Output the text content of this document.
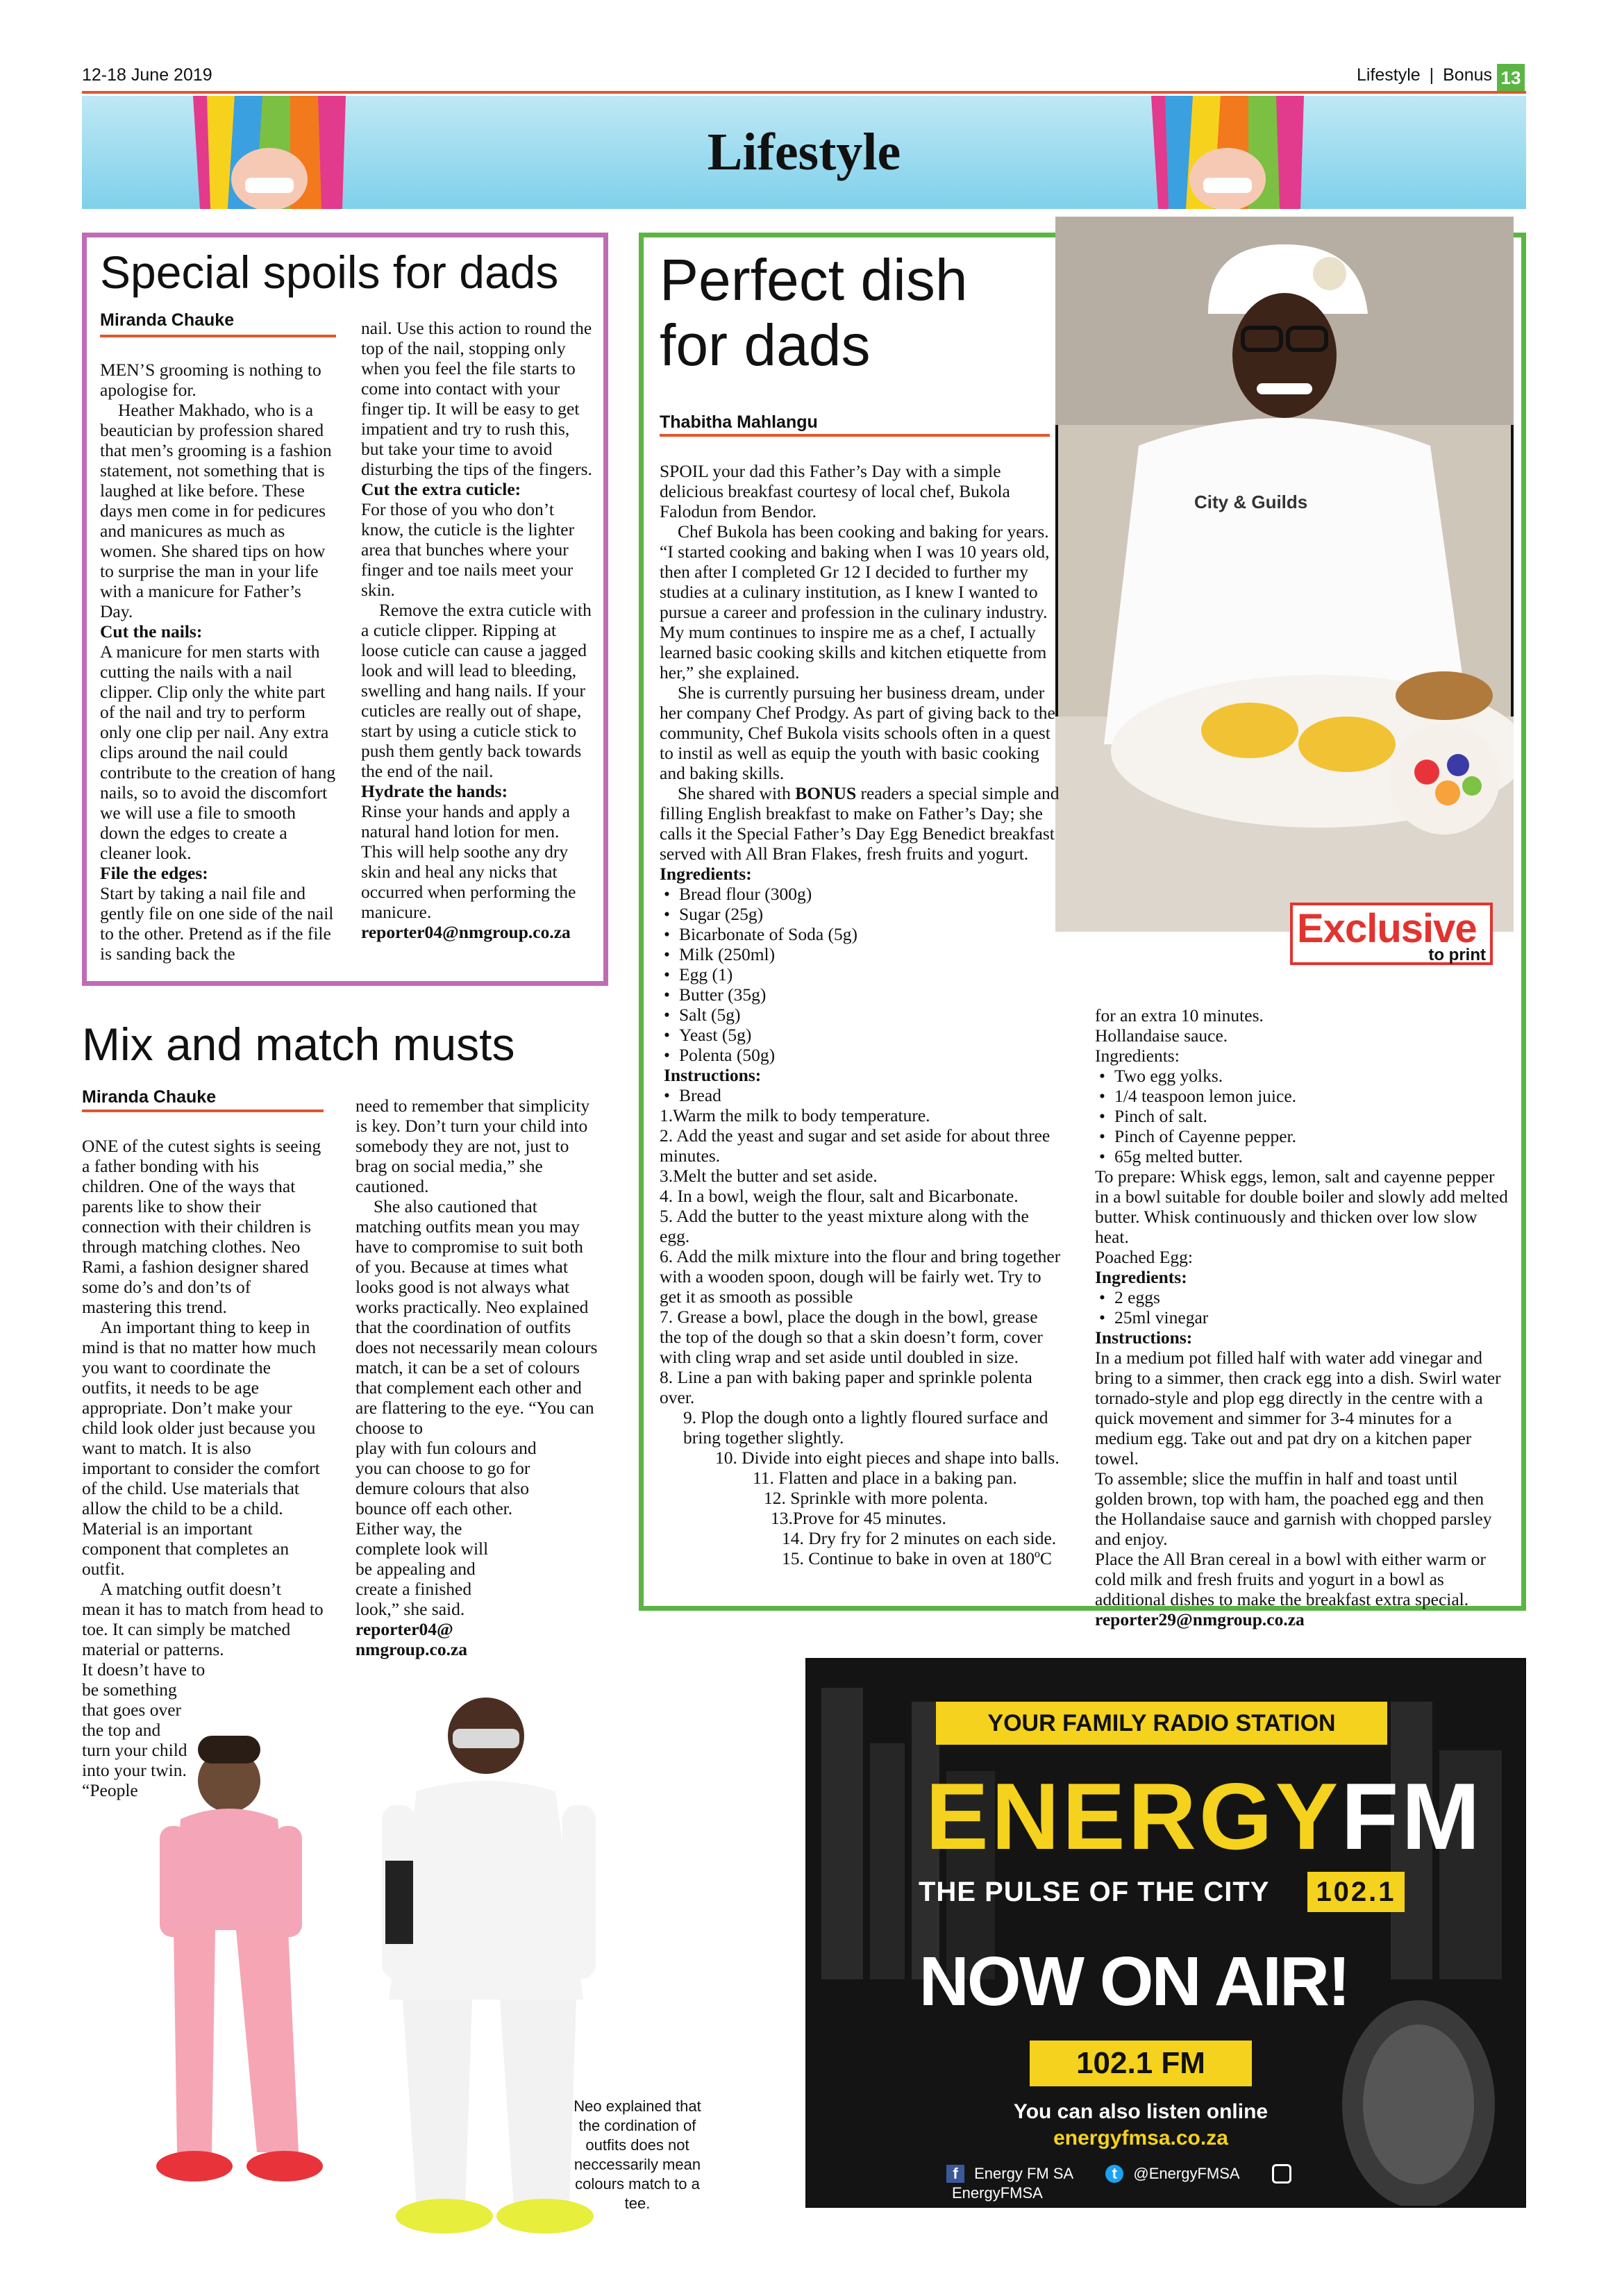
12-18 June 2019	Lifestyle | Bonus 13
Lifestyle
Special spoils for dads
Miranda Chauke

MEN’S grooming is nothing to apologise for.

Heather Makhado, who is a beautician by profession shared that men’s grooming is a fashion statement, not something that is laughed at like before. These days men come in for pedicures and manicures as much as women. She shared tips on how to surprise the man in your life with a manicure for Father’s Day.

Cut the nails:

A manicure for men starts with cutting the nails with a nail clipper. Clip only the white part of the nail and try to perform only one clip per nail. Any extra clips around the nail could contribute to the creation of hang nails, so to avoid the discomfort we will use a file to smooth down the edges to create a cleaner look.

File the edges:

Start by taking a nail file and gently file on one side of the nail to the other. Pretend as if the file is sanding back the

nail. Use this action to round the top of the nail, stopping only when you feel the file starts to come into contact with your finger tip. It will be easy to get impatient and try to rush this, but take your time to avoid disturbing the tips of the fingers.

Cut the extra cuticle:

For those of you who don’t know, the cuticle is the lighter area that bunches where your finger and toe nails meet your skin.

Remove the extra cuticle with a cuticle clipper. Ripping at loose cuticle can cause a jagged look and will lead to bleeding, swelling and hang nails. If your cuticles are really out of shape, start by using a cuticle stick to push them gently back towards the end of the nail.

Hydrate the hands:

Rinse your hands and apply a natural hand lotion for men. This will help soothe any dry skin and heal any nicks that occurred when performing the manicure.

reporter04@nmgroup.co.za

Mix and match musts
Miranda Chauke

ONE of the cutest sights is seeing a father bonding with his children. One of the ways that parents like to show their connection with their children is through matching clothes. Neo Rami, a fashion designer shared some do’s and don’ts of mastering this trend.

An important thing to keep in mind is that no matter how much you want to coordinate the outfits, it needs to be age appropriate. Don’t make your child look older just because you want to match. It is also important to consider the comfort of the child. Use materials that allow the child to be a child. Material is an important component that completes an outfit.

A matching outfit doesn’t mean it has to match from head to toe. It can simply be matched material or patterns.

It doesn’t have to
be something
that goes over
the top and
turn your child
into your twin.
“People

need to remember that simplicity is key. Don’t turn your child into somebody they are not, just to brag on social media,” she cautioned.

She also cautioned that matching outfits mean you may have to compromise to suit both of you. Because at times what looks good is not always what works practically. Neo explained that the coordination of outfits does not necessarily mean colours match, it can be a set of colours that complement each other and are flattering to the eye. “You can choose to

play with fun colours and
you can choose to go for
demure colours that also
bounce off each other.
Either way, the
complete look will
be appealing and
create a finished
look,” she said.
reporter04@
nmgroup.co.za
Neo explained that the cordination of outfits does not neccessarily mean colours match to a tee.
Perfect dish
for dads
Thabitha Mahlangu
City & Guilds

SPOIL your dad this Father’s Day with a simple delicious breakfast courtesy of local chef, Bukola Falodun from Bendor.

Chef Bukola has been cooking and baking for years. “I started cooking and baking when I was 10 years old, then after I completed Gr 12 I decided to further my studies at a culinary institution, as I knew I wanted to pursue a career and profession in the culinary industry. My mum continues to inspire me as a chef, I actually learned basic cooking skills and kitchen etiquette from her,” she explained.

She is currently pursuing her business dream, under her company Chef Prodgy. As part of giving back to the community, Chef Bukola visits schools often in a quest to instil as well as equip the youth with basic cooking and baking skills.

She shared with BONUS readers a special simple and filling English breakfast to make on Father’s Day; she calls it the Special Father’s Day Egg Benedict breakfast served with All Bran Flakes, fresh fruits and yogurt.

Ingredients:

• Bread flour (300g)
• Sugar (25g)
• Bicarbonate of Soda (5g)
• Milk (250ml)
• Egg (1)
• Butter (35g)
• Salt (5g)
• Yeast (5g)
• Polenta (50g)

Instructions:

• Bread
1.Warm the milk to body temperature.
2. Add the yeast and sugar and set aside for about three minutes.
3.Melt the butter and set aside.
4. In a bowl, weigh the flour, salt and Bicarbonate.
5. Add the butter to the yeast mixture along with the egg.
6. Add the milk mixture into the flour and bring together with a wooden spoon, dough will be fairly wet. Try to get it as smooth as possible
7. Grease a bowl, place the dough in the bowl, grease the top of the dough so that a skin doesn’t form, cover with cling wrap and set aside until doubled in size.
8. Line a pan with baking paper and sprinkle polenta over.
9. Plop the dough onto a lightly floured surface and bring together slightly.
10. Divide into eight pieces and shape into balls.
11. Flatten and place in a baking pan.
12. Sprinkle with more polenta.
13.Prove for 45 minutes.
14. Dry fry for 2 minutes on each side.
15. Continue to bake in oven at 180ºC
Exclusive
to print
for an extra 10 minutes.
Hollandaise sauce.
Ingredients:
• Two egg yolks.
• 1/4 teaspoon lemon juice.
• Pinch of salt.
• Pinch of Cayenne pepper.
• 65g melted butter.

To prepare: Whisk eggs, lemon, salt and cayenne pepper in a bowl suitable for double boiler and slowly add melted butter. Whisk continuously and thicken over low slow heat.

Poached Egg:

Ingredients:

• 2 eggs
• 25ml vinegar

Instructions:

In a medium pot filled half with water add vinegar and bring to a simmer, then crack egg into a dish. Swirl water tornado-style and plop egg directly in the centre with a quick movement and simmer for 3-4 minutes for a medium egg. Take out and pat dry on a kitchen paper towel.

To assemble; slice the muffin in half and toast until golden brown, top with ham, the poached egg and then the Hollandaise sauce and garnish with chopped parsley and enjoy.

Place the All Bran cereal in a bowl with either warm or cold milk and fresh fruits and yogurt in a bowl as additional dishes to make the breakfast extra special.

reporter29@nmgroup.co.za

YOUR FAMILY RADIO STATION
ENERGYFM
THE PULSE OF THE CITY	102.1
NOW ON AIR!
102.1 FM
You can also listen online
energyfmsa.co.za
f Energy FM SA	t @EnergyFMSA  EnergyFMSA
